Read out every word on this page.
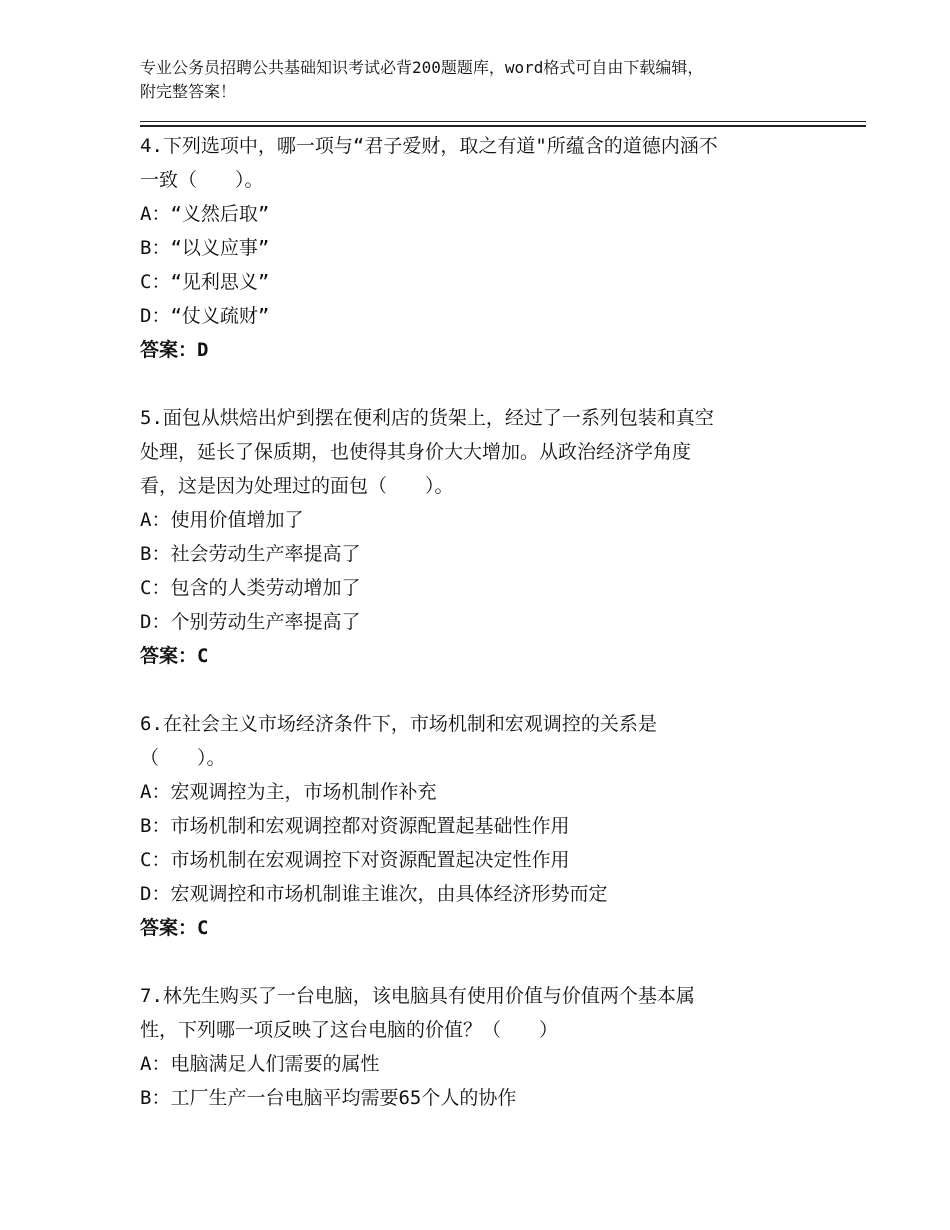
专业公务员招聘公共基础知识考试必背200题题库，word格式可自由下载编辑，
附完整答案！
4.下列选项中，哪一项与“君子爱财，取之有道"所蕴含的道德内涵不
一致（　　）。
A：“义然后取”
B：“以义应事”
C：“见利思义”
D：“仗义疏财”
答案：D
5.面包从烘焙出炉到摆在便利店的货架上，经过了一系列包装和真空
处理，延长了保质期，也使得其身价大大增加。从政治经济学角度
看，这是因为处理过的面包（　　）。
A：使用价值增加了
B：社会劳动生产率提高了
C：包含的人类劳动增加了
D：个别劳动生产率提高了
答案：C
6.在社会主义市场经济条件下，市场机制和宏观调控的关系是
（　　）。
A：宏观调控为主，市场机制作补充
B：市场机制和宏观调控都对资源配置起基础性作用
C：市场机制在宏观调控下对资源配置起决定性作用
D：宏观调控和市场机制谁主谁次，由具体经济形势而定
答案：C
7.林先生购买了一台电脑，该电脑具有使用价值与价值两个基本属
性，下列哪一项反映了这台电脑的价值？（　　）
A：电脑满足人们需要的属性
B：工厂生产一台电脑平均需要65个人的协作
